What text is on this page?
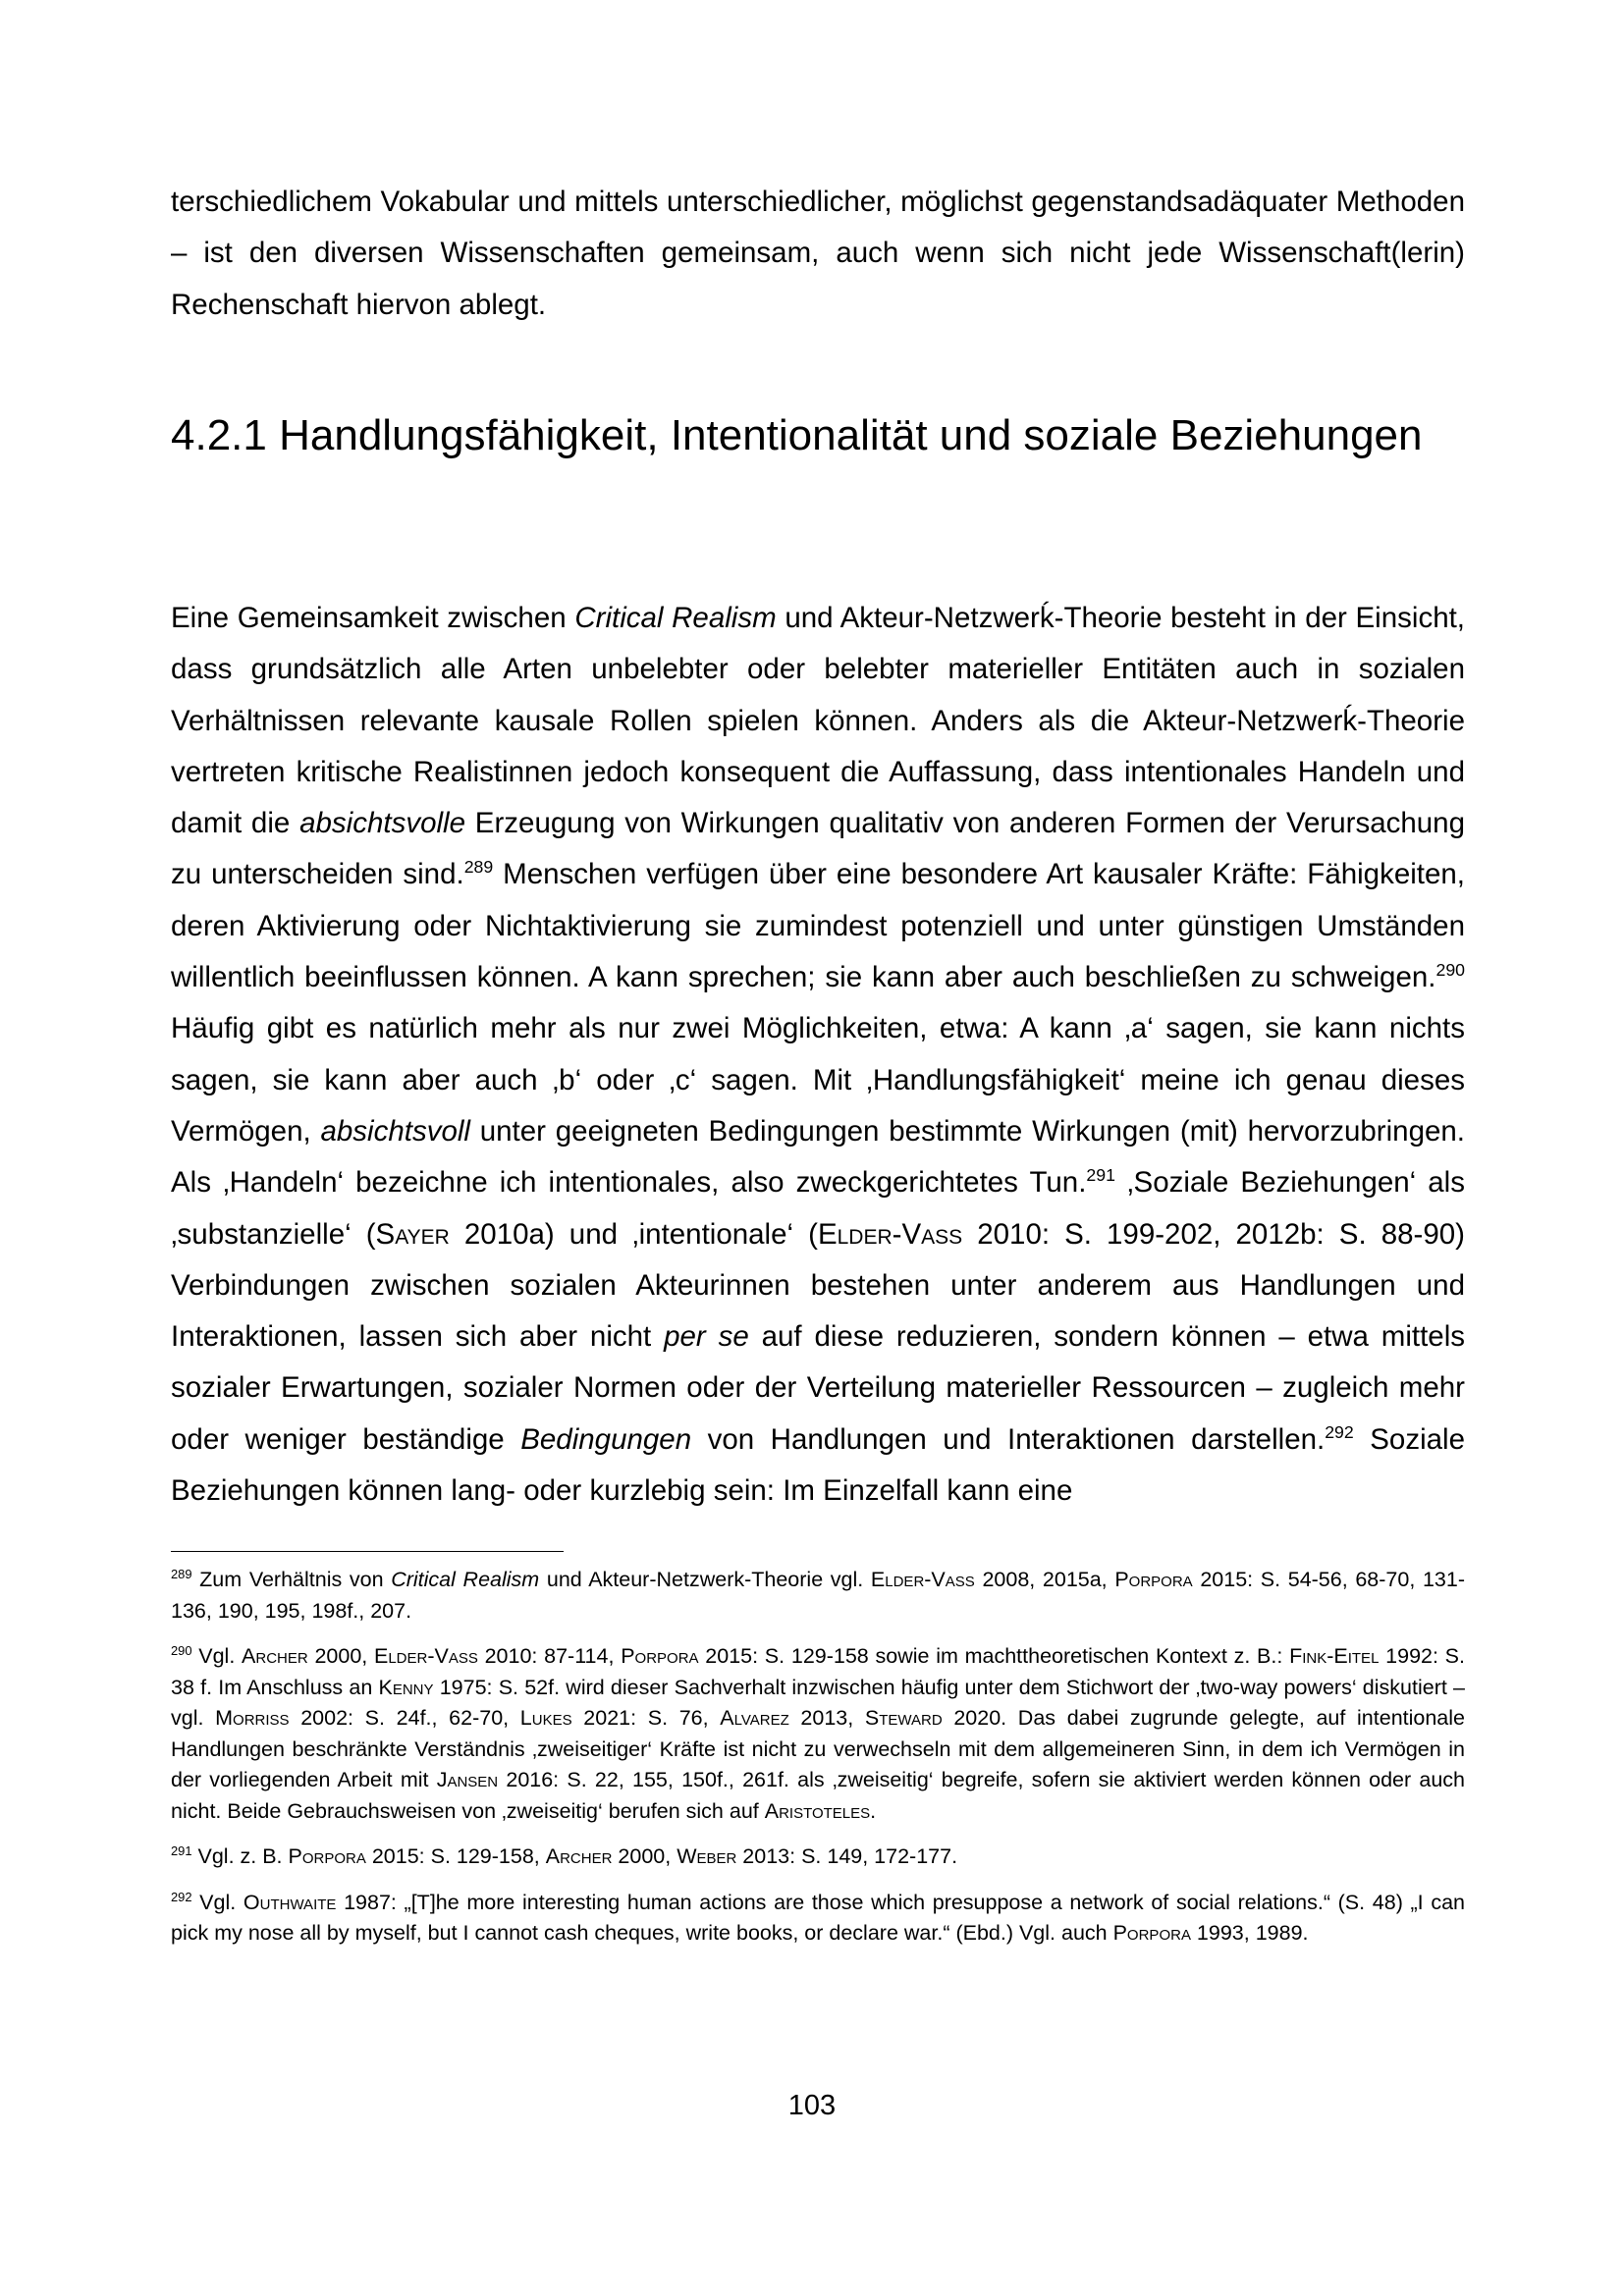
terschiedlichem Vokabular und mittels unterschiedlicher, möglichst gegenstandsadäquater Methoden – ist den diversen Wissenschaften gemeinsam, auch wenn sich nicht jede Wissenschaft(lerin) Rechenschaft hiervon ablegt.

4.2.1 Handlungsfähigkeit, Intentionalität und soziale Beziehungen

Eine Gemeinsamkeit zwischen Critical Realism und Akteur-Netzwerḱ-Theorie besteht in der Einsicht, dass grundsätzlich alle Arten unbelebter oder belebter materieller Entitäten auch in sozialen Verhältnissen relevante kausale Rollen spielen können. Anders als die Akteur-Netzwerḱ-Theorie vertreten kritische Realistinnen jedoch konsequent die Auffassung, dass intentionales Handeln und damit die absichtsvolle Erzeugung von Wirkungen qualitativ von anderen Formen der Verursachung zu unterscheiden sind.$^{289}$ Menschen verfügen über eine besondere Art kausaler Kräfte: Fähigkeiten, deren Aktivierung oder Nichtaktivierung sie zumindest potenziell und unter günstigen Umständen willentlich beeinflussen können. A kann sprechen; sie kann aber auch beschließen zu schweigen.$^{290}$ Häufig gibt es natürlich mehr als nur zwei Möglichkeiten, etwa: A kann ‚a‘ sagen, sie kann nichts sagen, sie kann aber auch ‚b‘ oder ‚c‘ sagen. Mit ‚Handlungsfähigkeit‘ meine ich genau dieses Vermögen, absichtsvoll unter geeigneten Bedingungen bestimmte Wirkungen (mit) hervorzubringen. Als ‚Handeln‘ bezeichne ich intentionales, also zweckgerichtetes Tun.$^{291}$ ‚Soziale Beziehungen‘ als ‚substanzielle‘ (Sayer 2010a) und ‚intentionale‘ (Elder-Vass 2010: S. 199-202, 2012b: S. 88-90) Verbindungen zwischen sozialen Akteurinnen bestehen unter anderem aus Handlungen und Interaktionen, lassen sich aber nicht per se auf diese reduzieren, sondern können – etwa mittels sozialer Erwartungen, sozialer Normen oder der Verteilung materieller Ressourcen – zugleich mehr oder weniger beständige Bedingungen von Handlungen und Interaktionen darstellen.$^{292}$ Soziale Beziehungen können lang- oder kurzlebig sein: Im Einzelfall kann eine

$^{289}$ Zum Verhältnis von Critical Realism und Akteur-Netzwerk-Theorie vgl. Elder-Vass 2008, 2015a, Porpora 2015: S. 54-56, 68-70, 131-136, 190, 195, 198f., 207.

$^{290}$ Vgl. Archer 2000, Elder-Vass 2010: 87-114, Porpora 2015: S. 129-158 sowie im machttheoretischen Kontext z. B.: Fink-Eitel 1992: S. 38 f. Im Anschluss an Kenny 1975: S. 52f. wird dieser Sachverhalt inzwischen häufig unter dem Stichwort der ‚two-way powers‘ diskutiert – vgl. Morriss 2002: S. 24f., 62-70, Lukes 2021: S. 76, Alvarez 2013, Steward 2020. Das dabei zugrunde gelegte, auf intentionale Handlungen beschränkte Verständnis ‚zweiseitiger‘ Kräfte ist nicht zu verwechseln mit dem allgemeineren Sinn, in dem ich Vermögen in der vorliegenden Arbeit mit Jansen 2016: S. 22, 155, 150f., 261f. als ‚zweiseitig‘ begreife, sofern sie aktiviert werden können oder auch nicht. Beide Gebrauchsweisen von ‚zweiseitig‘ berufen sich auf Aristoteles.

$^{291}$ Vgl. z. B. Porpora 2015: S. 129-158, Archer 2000, Weber 2013: S. 149, 172-177.

$^{292}$ Vgl. Outhwaite 1987: „[T]he more interesting human actions are those which presuppose a network of social relations.“ (S. 48) „I can pick my nose all by myself, but I cannot cash cheques, write books, or declare war.“ (Ebd.) Vgl. auch Porpora 1993, 1989.

103
